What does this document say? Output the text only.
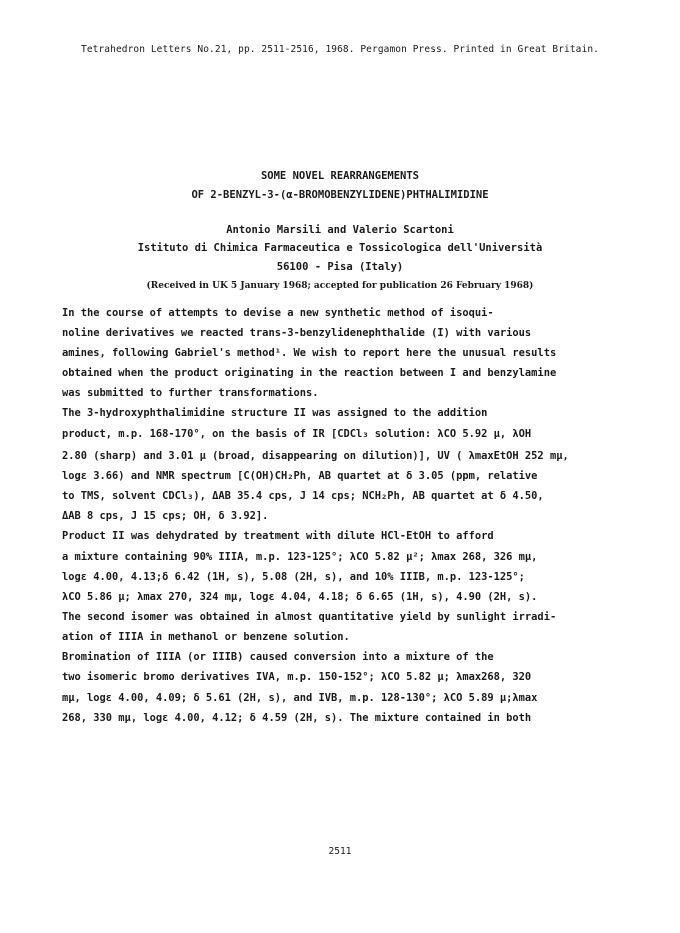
Tetrahedron Letters No.21, pp. 2511-2516, 1968. Pergamon Press. Printed in Great Britain.
SOME NOVEL REARRANGEMENTS
OF 2-BENZYL-3-(α-BROMOBENZYLIDENE)PHTHALIMIDINE
Antonio Marsili and Valerio Scartoni
Istituto di Chimica Farmaceutica e Tossicologica dell'Università
56100 - Pisa (Italy)
(Received in UK 5 January 1968; accepted for publication 26 February 1968)
In the course of attempts to devise a new synthetic method of isoqui-
noline derivatives we reacted trans-3-benzylidenephthalide (I) with various
amines, following Gabriel's method¹. We wish to report here the unusual results
obtained when the product originating in the reaction between I and benzylamine
was submitted to further transformations.
The 3-hydroxyphthalimidine structure II was assigned to the addition
product, m.p. 168-170°, on the basis of IR [CDCl₃ solution: λCO 5.92 µ, λOH
2.80 (sharp) and 3.01 µ (broad, disappearing on dilution)], UV ( λmaxEtOH 252 mµ,
logε 3.66) and NMR spectrum [C(OH)CH₂Ph, AB quartet at δ 3.05 (ppm, relative
to TMS, solvent CDCl₃), ΔAB 35.4 cps, J 14 cps; NCH₂Ph, AB quartet at δ 4.50,
ΔAB 8 cps, J 15 cps; OH, δ 3.92].
Product II was dehydrated by treatment with dilute HCl-EtOH to afford
a mixture containing 90% IIIA, m.p. 123-125°; λCO 5.82 µ²; λmax 268, 326 mµ,
logε 4.00, 4.13;δ 6.42 (1H, s), 5.08 (2H, s), and 10% IIIB, m.p. 123-125°;
λCO 5.86 µ; λmax 270, 324 mµ, logε 4.04, 4.18; δ 6.65 (1H, s), 4.90 (2H, s).
The second isomer was obtained in almost quantitative yield by sunlight irradi-
ation of IIIA in methanol or benzene solution.
Bromination of IIIA (or IIIB) caused conversion into a mixture of the
two isomeric bromo derivatives IVA, m.p. 150-152°; λCO 5.82 µ; λmax268, 320
mµ, logε 4.00, 4.09; δ 5.61 (2H, s), and IVB, m.p. 128-130°; λCO 5.89 µ;λmax
268, 330 mµ, logε 4.00, 4.12; δ 4.59 (2H, s). The mixture contained in both
2511
